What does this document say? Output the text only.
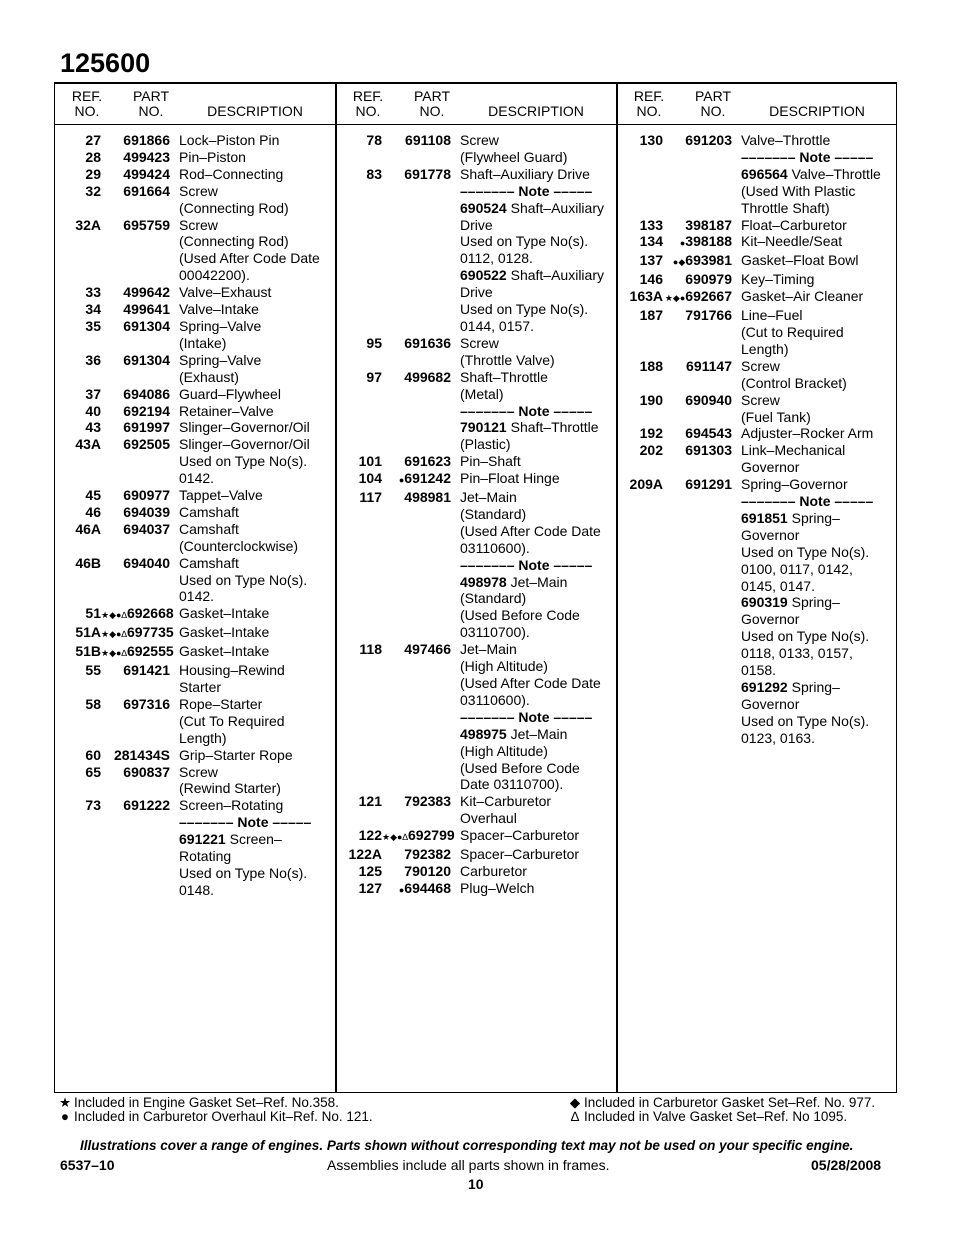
125600
REF.
NO.
PART
NO.	DESCRIPTION
27	691866 Lock–Piston Pin
28	499423 Pin–Piston
29	499424 Rod–Connecting
32	691664 Screw
(Connecting Rod)
32A	695759 Screw
(Connecting Rod)
(Used After Code Date
00042200).
33	499642 Valve–Exhaust
34	499641 Valve–Intake
35	691304 Spring–Valve
(Intake)
36	691304 Spring–Valve
(Exhaust)
37	694086 Guard–Flywheel
40	692194 Retainer–Valve
43	691997 Slinger–Governor/Oil
43A	692505 Slinger–Governor/Oil
Used on Type No(s).
0142.
45	690977 Tappet–Valve
46	694039 Camshaft
46A	694037 Camshaft
(Counterclockwise)
46B	694040 Camshaft
Used on Type No(s).
0142.
51 ★◆●∆692668 Gasket–Intake
51A ★◆●∆697735 Gasket–Intake
51B ★◆●∆692555 Gasket–Intake
55	691421 Housing–Rewind
Starter
58	697316 Rope–Starter
(Cut To Required
Length)
60 281434S Grip–Starter Rope
65	690837 Screw
(Rewind Starter)
73	691222 Screen–Rotating
––––––– Note –––––
691221 Screen–
Rotating
Used on Type No(s).
0148.
REF.
NO.
PART
NO.	DESCRIPTION
78	691108 Screw
(Flywheel Guard)
83	691778 Shaft–Auxiliary Drive
––––––– Note –––––
690524 Shaft–Auxiliary
Drive
Used on Type No(s).
0112, 0128.
690522 Shaft–Auxiliary
Drive
Used on Type No(s).
0144, 0157.
95	691636 Screw
(Throttle Valve)
97	499682 Shaft–Throttle
(Metal)
––––––– Note –––––
790121 Shaft–Throttle
(Plastic)
101	691623 Pin–Shaft
104	●691242 Pin–Float Hinge
117	498981 Jet–Main
(Standard)
(Used After Code Date
03110600).
––––––– Note –––––
498978 Jet–Main
(Standard)
(Used Before Code
03110700).
118	497466 Jet–Main
(High Altitude)
(Used After Code Date
03110600).
––––––– Note –––––
498975 Jet–Main
(High Altitude)
(Used Before Code
Date 03110700).
121	792383 Kit–Carburetor
Overhaul
122 ★◆●∆692799 Spacer–Carburetor
122A	792382 Spacer–Carburetor
125	790120 Carburetor
127	●694468 Plug–Welch
REF.
NO.
PART
NO.	DESCRIPTION
130	691203 Valve–Throttle
––––––– Note –––––
696564 Valve–Throttle
(Used With Plastic
Throttle Shaft)
133	398187 Float–Carburetor
134	●398188 Kit–Needle/Seat
137	●◆693981 Gasket–Float Bowl
146	690979 Key–Timing
163A ★◆●692667 Gasket–Air Cleaner
187	791766 Line–Fuel
(Cut to Required
Length)
188	691147 Screw
(Control Bracket)
190	690940 Screw
(Fuel Tank)
192	694543 Adjuster–Rocker Arm
202	691303 Link–Mechanical
Governor
209A	691291 Spring–Governor
––––––– Note –––––
691851 Spring–
Governor
Used on Type No(s).
0100, 0117, 0142,
0145, 0147.
690319 Spring–
Governor
Used on Type No(s).
0118, 0133, 0157,
0158.
691292 Spring–
Governor
Used on Type No(s).
0123, 0163.
★ Included in Engine Gasket Set–Ref. No.358.
● Included in Carburetor Overhaul Kit–Ref. No. 121.
◆ Included in Carburetor Gasket Set–Ref. No. 977.
∆ Included in Valve Gasket Set–Ref. No 1095.
Illustrations cover a range of engines. Parts shown without corresponding text may not be used on your specific engine.
6537–10	Assemblies include all parts shown in frames.	05/28/2008
10
